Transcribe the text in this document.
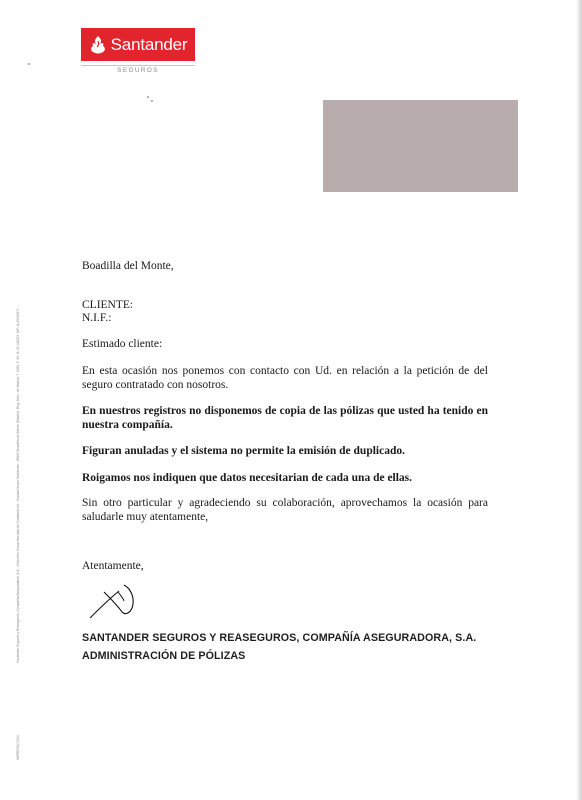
Santander
SEGUROS
Santander Seguros y Reaseguros, Compañía Aseguradora, S.A. - Domicilio Social: Avenida de Cantabria s/n - Ciudad Grupo Santander - 28660 Boadilla del Monte (Madrid). Reg. Merc. de Madrid, T. 9032, F. 60, H. M-146222, NIF: A-80192571
IMPRESO(13)04

Boadilla del Monte,

CLIENTE:

N.I.F.:

Estimado cliente:

En esta ocasión nos ponemos con contacto con Ud. en relación a la petición de del seguro contratado con nosotros.

En nuestros registros no disponemos de copia de las pólizas que usted ha tenido en nuestra compañía.

Figuran anuladas y el sistema no permite la emisión de duplicado.

Roigamos nos indiquen que datos necesitarian de cada una de ellas.

Sin otro particular y agradeciendo su colaboración, aprovechamos la ocasión para saludarle muy atentamente,

Atentamente,

SANTANDER SEGUROS Y REASEGUROS, COMPAÑÍA ASEGURADORA, S.A.
ADMINISTRACIÓN DE PÓLIZAS
